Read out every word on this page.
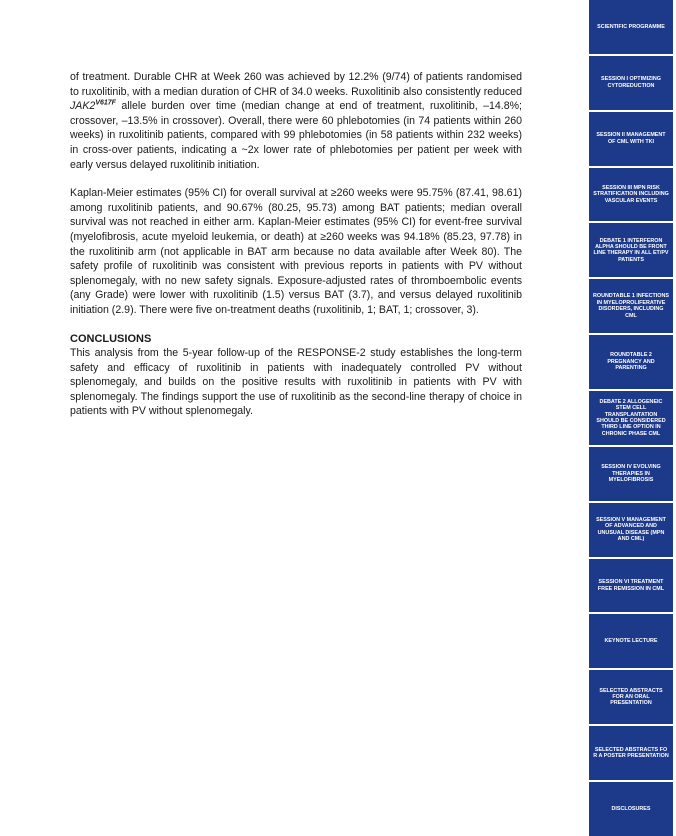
of treatment. Durable CHR at Week 260 was achieved by 12.2% (9/74) of patients randomised to ruxolitinib, with a median duration of CHR of 34.0 weeks. Ruxolitinib also consistently reduced $JAK2^{V617F}$ allele burden over time (median change at end of treatment, ruxolitinib, –14.8%; crossover, –13.5% in crossover). Overall, there were 60 phlebotomies (in 74 patients within 260 weeks) in ruxolitinib patients, compared with 99 phlebotomies (in 58 patients within 232 weeks) in cross-over patients, indicating a ~2x lower rate of phlebotomies per patient per week with early versus delayed ruxolitinib initiation.

Kaplan-Meier estimates (95% CI) for overall survival at ≥260 weeks were 95.75% (87.41, 98.61) among ruxolitinib patients, and 90.67% (80.25, 95.73) among BAT patients; median overall survival was not reached in either arm. Kaplan-Meier estimates (95% CI) for event-free survival (myelofibrosis, acute myeloid leukemia, or death) at ≥260 weeks was 94.18% (85.23, 97.78) in the ruxolitinib arm (not applicable in BAT arm because no data available after Week 80). The safety profile of ruxolitinib was consistent with previous reports in patients with PV without splenomegaly, with no new safety signals. Exposure-adjusted rates of thromboembolic events (any Grade) were lower with ruxolitinib (1.5) versus BAT (3.7), and versus delayed ruxolitinib initiation (2.9). There were five on-treatment deaths (ruxolitinib, 1; BAT, 1; crossover, 3).

CONCLUSIONS

This analysis from the 5-year follow-up of the RESPONSE-2 study establishes the long-term safety and efficacy of ruxolitinib in patients with inadequately controlled PV without splenomegaly, and builds on the positive results with ruxolitinib in patients with PV with splenomegaly. The findings support the use of ruxolitinib as the second-line therapy of choice in patients with PV without splenomegaly.

SCIENTIFIC PROGRAMME
SESSION I OPTIMIZING CYTOREDUCTION
SESSION II MANAGEMENT OF CML WITH TKI
SESSION III MPN RISK STRATIFICATION INCLUDING VASCULAR EVENTS
DEBATE 1 INTERFERON ALPHA SHOULD BE FRONT LINE THERAPY IN ALL ET/PV PATIENTS
ROUNDTABLE 1 INFECTIONS IN MYELOPROLIFERATIVE DISORDERS, INCLUDING CML
ROUNDTABLE 2 PREGNANCY AND PARENTING
DEBATE 2 ALLOGENEIC STEM CELL TRANSPLANTATION SHOULD BE CONSIDERED THIRD LINE OPTION IN CHRONIC PHASE CML
SESSION IV EVOLVING THERAPIES IN MYELOFIBROSIS
SESSION V MANAGEMENT OF ADVANCED AND UNUSUAL DISEASE (MPN AND CML)
SESSION VI TREATMENT FREE REMISSION IN CML
KEYNOTE LECTURE
SELECTED ABSTRACTS FOR AN ORAL PRESENTATION
SELECTED ABSTRACTS FO R A POSTER PRESENTATION
DISCLOSURES
